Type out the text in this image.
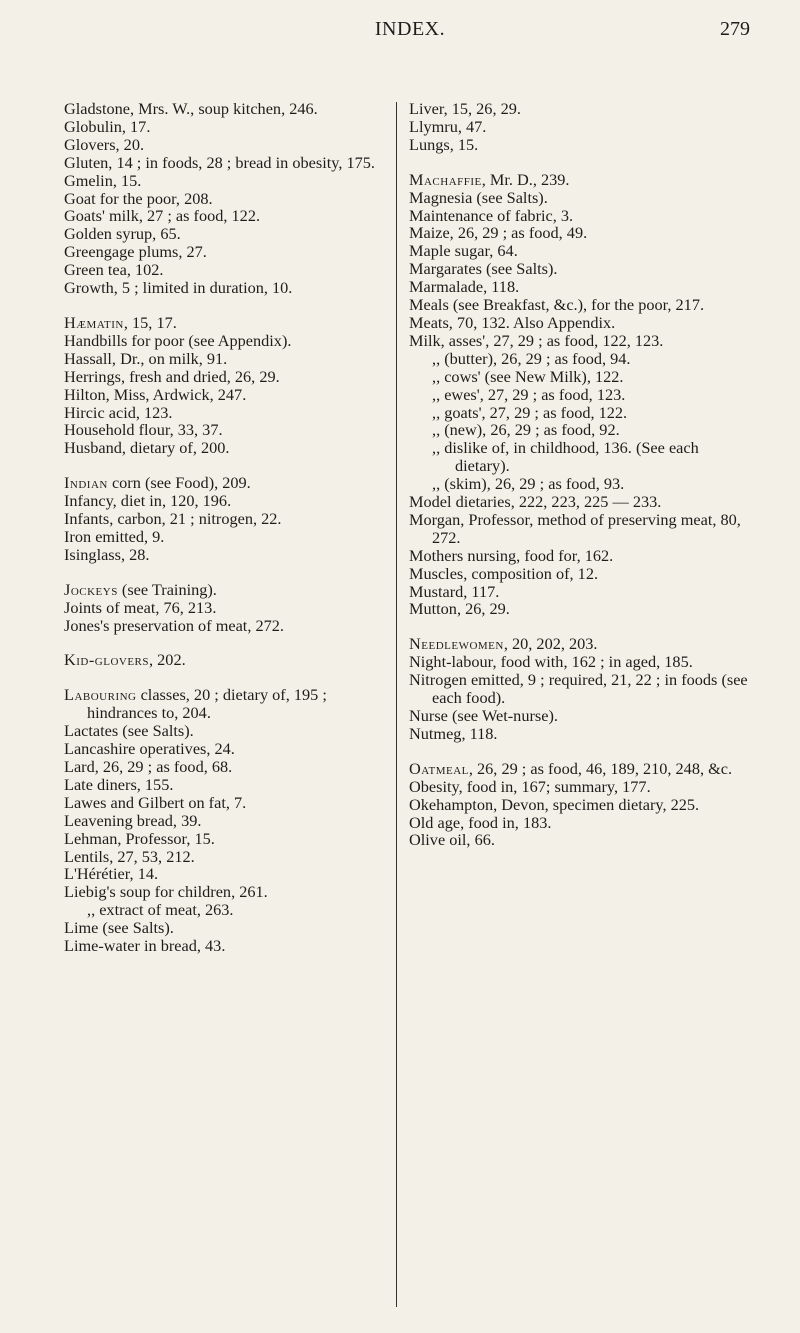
INDEX.	279
Gladstone, Mrs. W., soup kitchen, 246.
Globulin, 17.
Glovers, 20.
Gluten, 14 ; in foods, 28 ; bread in obesity, 175.
Gmelin, 15.
Goat for the poor, 208.
Goats' milk, 27 ; as food, 122.
Golden syrup, 65.
Greengage plums, 27.
Green tea, 102.
Growth, 5 ; limited in duration, 10.
Hæmatin, 15, 17.
Handbills for poor (see Appendix).
Hassall, Dr., on milk, 91.
Herrings, fresh and dried, 26, 29.
Hilton, Miss, Ardwick, 247.
Hircic acid, 123.
Household flour, 33, 37.
Husband, dietary of, 200.
Indian corn (see Food), 209.
Infancy, diet in, 120, 196.
Infants, carbon, 21 ; nitrogen, 22.
Iron emitted, 9.
Isinglass, 28.
Jockeys (see Training).
Joints of meat, 76, 213.
Jones's preservation of meat, 272.
Kid-glovers, 202.
Labouring classes, 20 ; dietary of, 195 ; hindrances to, 204.
Lactates (see Salts).
Lancashire operatives, 24.
Lard, 26, 29 ; as food, 68.
Late diners, 155.
Lawes and Gilbert on fat, 7.
Leavening bread, 39.
Lehman, Professor, 15.
Lentils, 27, 53, 212.
L'Hérétier, 14.
Liebig's soup for children, 261.
,, extract of meat, 263.
Lime (see Salts).
Lime-water in bread, 43.
Liver, 15, 26, 29.
Llymru, 47.
Lungs, 15.
Machaffie, Mr. D., 239.
Magnesia (see Salts).
Maintenance of fabric, 3.
Maize, 26, 29 ; as food, 49.
Maple sugar, 64.
Margarates (see Salts).
Marmalade, 118.
Meals (see Breakfast, &c.), for the poor, 217.
Meats, 70, 132. Also Appendix.
Milk, asses', 27, 29 ; as food, 122, 123.
,, (butter), 26, 29 ; as food, 94.
,, cows' (see New Milk), 122.
,, ewes', 27, 29 ; as food, 123.
,, goats', 27, 29 ; as food, 122.
,, (new), 26, 29 ; as food, 92.
,, dislike of, in childhood, 136. (See each dietary).
,, (skim), 26, 29 ; as food, 93.
Model dietaries, 222, 223, 225 — 233.
Morgan, Professor, method of preserving meat, 80, 272.
Mothers nursing, food for, 162.
Muscles, composition of, 12.
Mustard, 117.
Mutton, 26, 29.
Needlewomen, 20, 202, 203.
Night-labour, food with, 162 ; in aged, 185.
Nitrogen emitted, 9 ; required, 21, 22 ; in foods (see each food).
Nurse (see Wet-nurse).
Nutmeg, 118.
Oatmeal, 26, 29 ; as food, 46, 189, 210, 248, &c.
Obesity, food in, 167; summary, 177.
Okehampton, Devon, specimen dietary, 225.
Old age, food in, 183.
Olive oil, 66.
